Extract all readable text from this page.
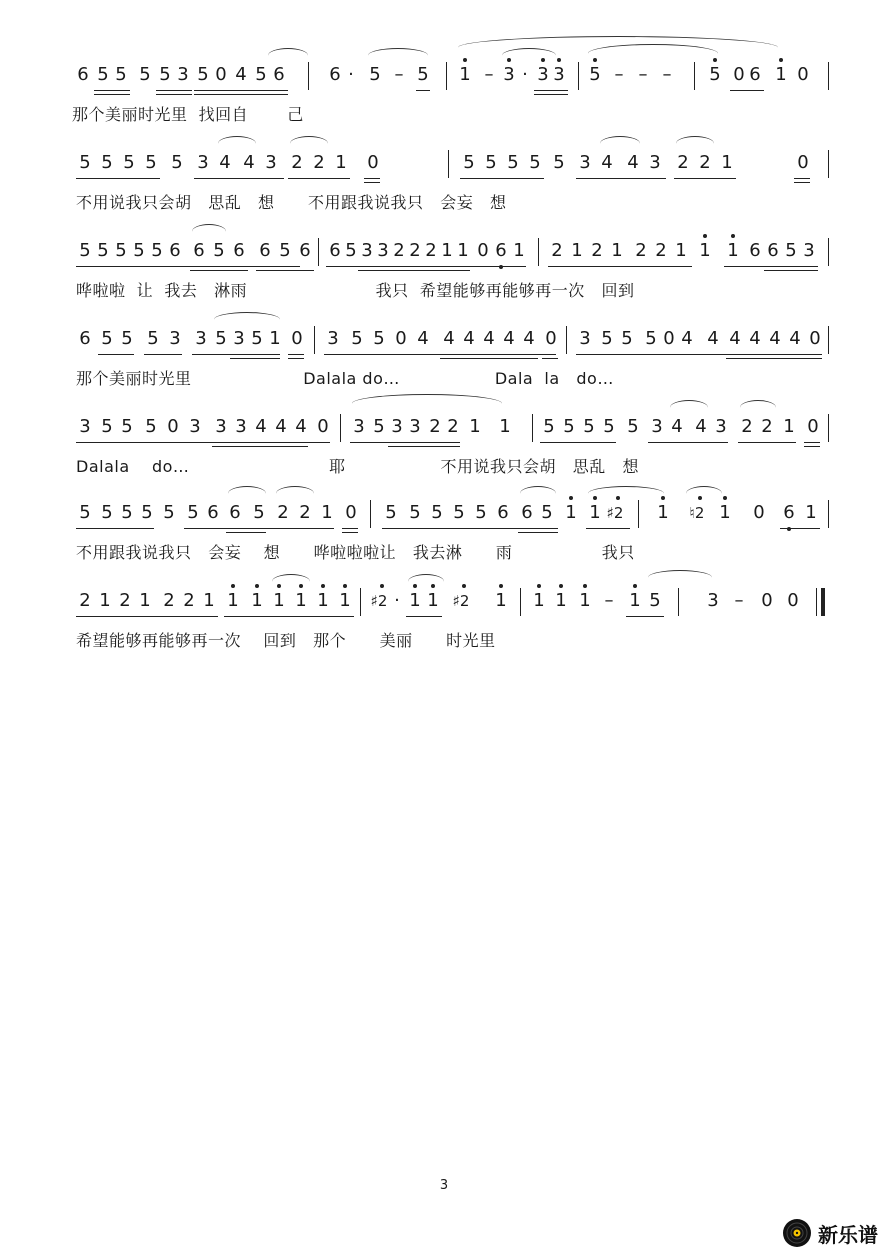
6 5 5 5 5 3 5 0 4 5 6 6 · 5 – 5 1 – 3 · 3 3 5 – – – 5 0 6 1 0
那个美丽时光里  找回自       己
5 5 5 5 5 3 4 4 3 2 2 1 0	5 5 5 5 5 3 4 4 3 2 2 1	0
不用说我只会胡   思乱   想      不用跟我说我只   会妄   想
5 5 5 5 5 6 6 5 6 6 5 6 6 5 3 3 2 2 2 1 1 0 6 1 2 1 2 1 2 2 1 1 1 6 6 5 3
哗啦啦  让  我去   淋雨                       我只  希望能够再能够再一次   回到
6 5 5 5 3 3 5 3 5 1 0 3 5 5 0 4 4 4 4 4 4 0 3 5 5 5 0 4 4 4 4 4 4 0
那个美丽时光里                    Dalala do…                 Dala  la   do…
3 5 5 5 0 3 3 3 4 4 4 0 3 5 3 3 2 2 1 1 5 5 5 5 5 3 4 4 3 2 2 1 0
Dalala    do…                         耶                 不用说我只会胡   思乱   想
5 5 5 5 5 5 6 6 5 2 2 1 0 5 5 5 5 5 6 6 5 1 1 ♯2 1 ♮2 1 0 6 1
不用跟我说我只   会妄    想      哗啦啦啦让   我去淋      雨                我只
2 1 2 1 2 2 1 1 1 1 1 1 1 ♯2 · 1 1 ♯2 1 1 1 1 – 1 5	3 – 0 0
希望能够再能够再一次    回到   那个      美丽      时光里
3
新乐谱
